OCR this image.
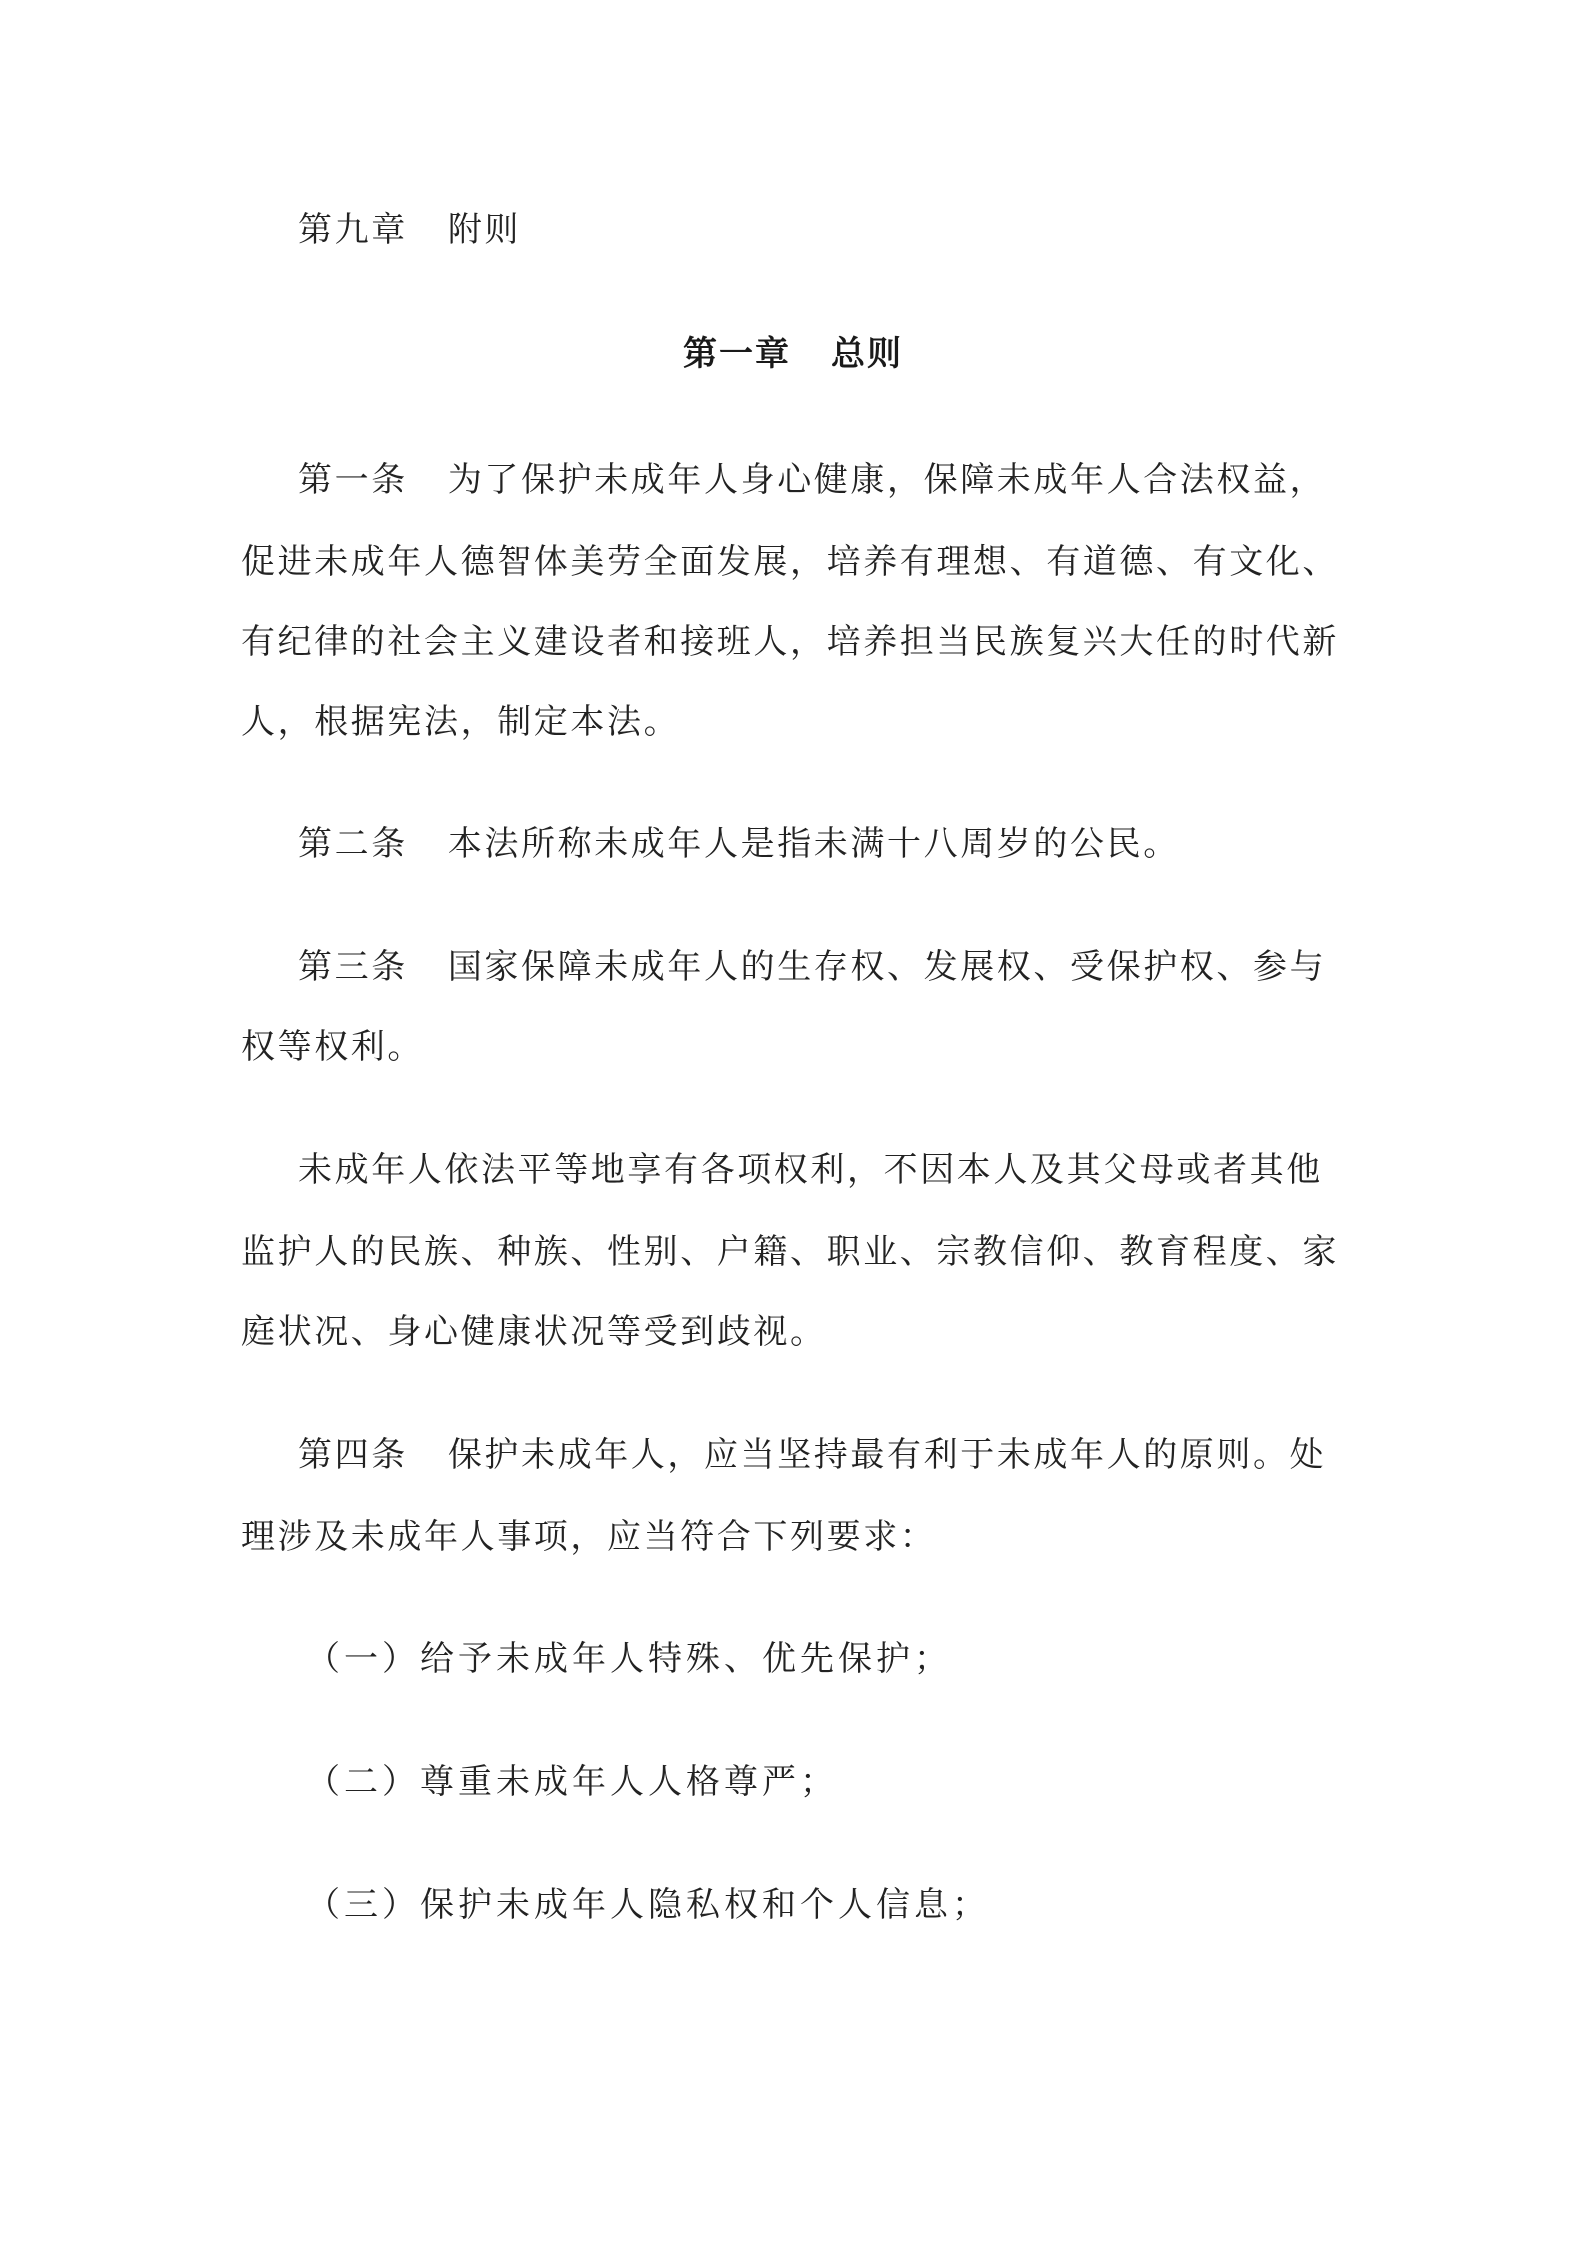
第九章 附则
第一章 总则
第一条 为了保护未成年人身心健康，保障未成年人合法权益，
促进未成年人德智体美劳全面发展，培养有理想、有道德、有文化、
有纪律的社会主义建设者和接班人，培养担当民族复兴大任的时代新
人，根据宪法，制定本法。
第二条 本法所称未成年人是指未满十八周岁的公民。
第三条 国家保障未成年人的生存权、发展权、受保护权、参与
权等权利。
未成年人依法平等地享有各项权利，不因本人及其父母或者其他
监护人的民族、种族、性别、户籍、职业、宗教信仰、教育程度、家
庭状况、身心健康状况等受到歧视。
第四条 保护未成年人，应当坚持最有利于未成年人的原则。处
理涉及未成年人事项，应当符合下列要求：
（一）给予未成年人特殊、优先保护；
（二）尊重未成年人人格尊严；
（三）保护未成年人隐私权和个人信息；
